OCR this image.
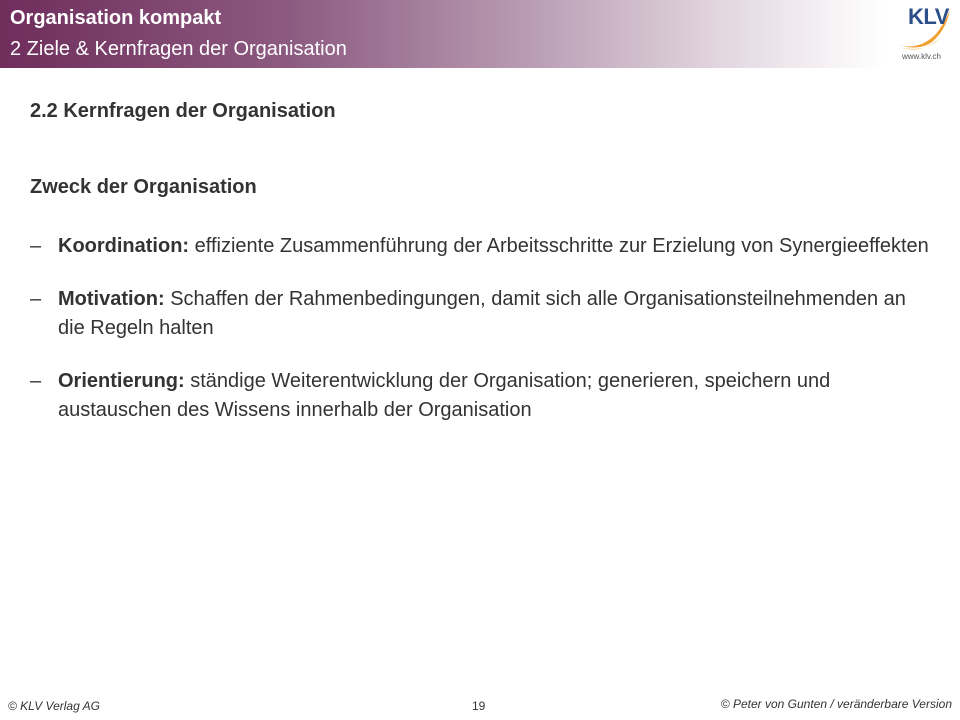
Organisation kompakt
2 Ziele & Kernfragen der Organisation
KLV
www.klv.ch
2.2 Kernfragen der Organisation
Zweck der Organisation
– Koordination: effiziente Zusammenführung der Arbeitsschritte zur Erzielung von Synergieeffekten
– Motivation: Schaffen der Rahmenbedingungen, damit sich alle Organisationsteilnehmenden an die Regeln halten
– Orientierung: ständige Weiterentwicklung der Organisation; generieren, speichern und austauschen des Wissens innerhalb der Organisation
© KLV Verlag AG	19	© Peter von Gunten / veränderbare Version
